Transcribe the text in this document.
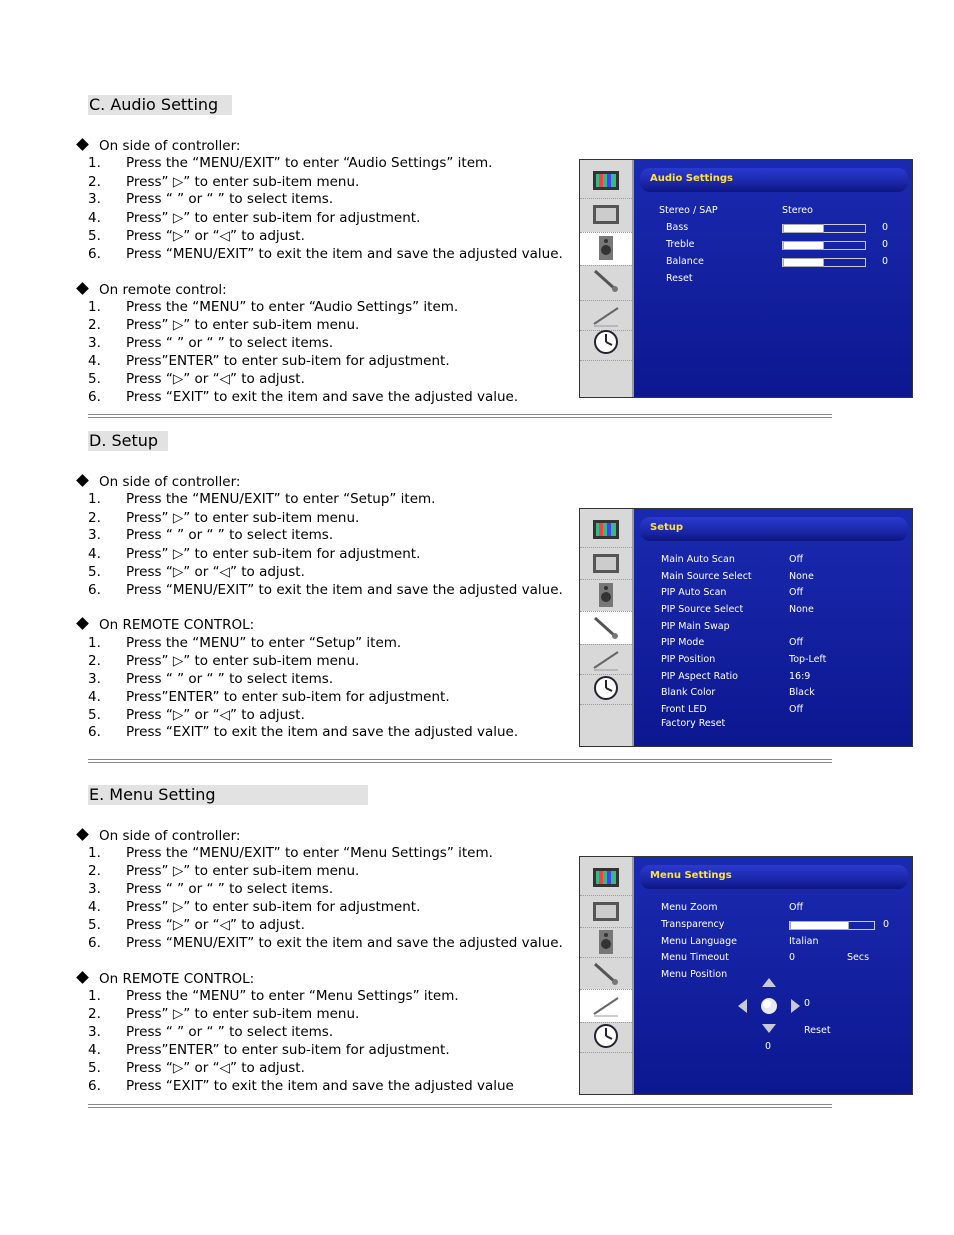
C. Audio Setting
On side of controller:
1. Press the “MENU/EXIT” to enter “Audio Settings” item.
2. Press” ▷” to enter sub-item menu.
3. Press “ ” or “ ” to select items.
4. Press” ▷” to enter sub-item for adjustment.
5. Press “▷” or “◁” to adjust.
6. Press “MENU/EXIT” to exit the item and save the adjusted value.
On remote control:
1. Press the “MENU” to enter “Audio Settings” item.
2. Press” ▷” to enter sub-item menu.
3. Press “ ” or “ ” to select items.
4. Press”ENTER” to enter sub-item for adjustment.
5. Press “▷” or “◁” to adjust.
6. Press “EXIT” to exit the item and save the adjusted value.
Audio Settings
Stereo / SAP	Stereo
Bass	0
Treble	0
Balance	0
Reset
D. Setup
On side of controller:
1. Press the “MENU/EXIT” to enter “Setup” item.
2. Press” ▷” to enter sub-item menu.
3. Press “ ” or “ ” to select items.
4. Press” ▷” to enter sub-item for adjustment.
5. Press “▷” or “◁” to adjust.
6. Press “MENU/EXIT” to exit the item and save the adjusted value.
On REMOTE CONTROL:
1. Press the “MENU” to enter “Setup” item.
2. Press” ▷” to enter sub-item menu.
3. Press “ ” or “ ” to select items.
4. Press”ENTER” to enter sub-item for adjustment.
5. Press “▷” or “◁” to adjust.
6. Press “EXIT” to exit the item and save the adjusted value.
Setup
Main Auto Scan	Off
Main Source Select	None
PIP Auto Scan	Off
PIP Source Select	None
PIP Main Swap
PIP Mode	Off
PIP Position	Top-Left
PIP Aspect Ratio	16:9
Blank Color	Black
Front LED	Off
Factory Reset
E. Menu Setting
On side of controller:
1. Press the “MENU/EXIT” to enter “Menu Settings” item.
2. Press” ▷” to enter sub-item menu.
3. Press “ ” or “ ” to select items.
4. Press” ▷” to enter sub-item for adjustment.
5. Press “▷” or “◁” to adjust.
6. Press “MENU/EXIT” to exit the item and save the adjusted value.
On REMOTE CONTROL:
1. Press the “MENU” to enter “Menu Settings” item.
2. Press” ▷” to enter sub-item menu.
3. Press “ ” or “ ” to select items.
4. Press”ENTER” to enter sub-item for adjustment.
5. Press “▷” or “◁” to adjust.
6. Press “EXIT” to exit the item and save the adjusted value
Menu Settings
Menu Zoom	Off
Transparency	0
Menu Language	Italian
Menu Timeout	0	Secs
Menu Position
0
Reset
0
